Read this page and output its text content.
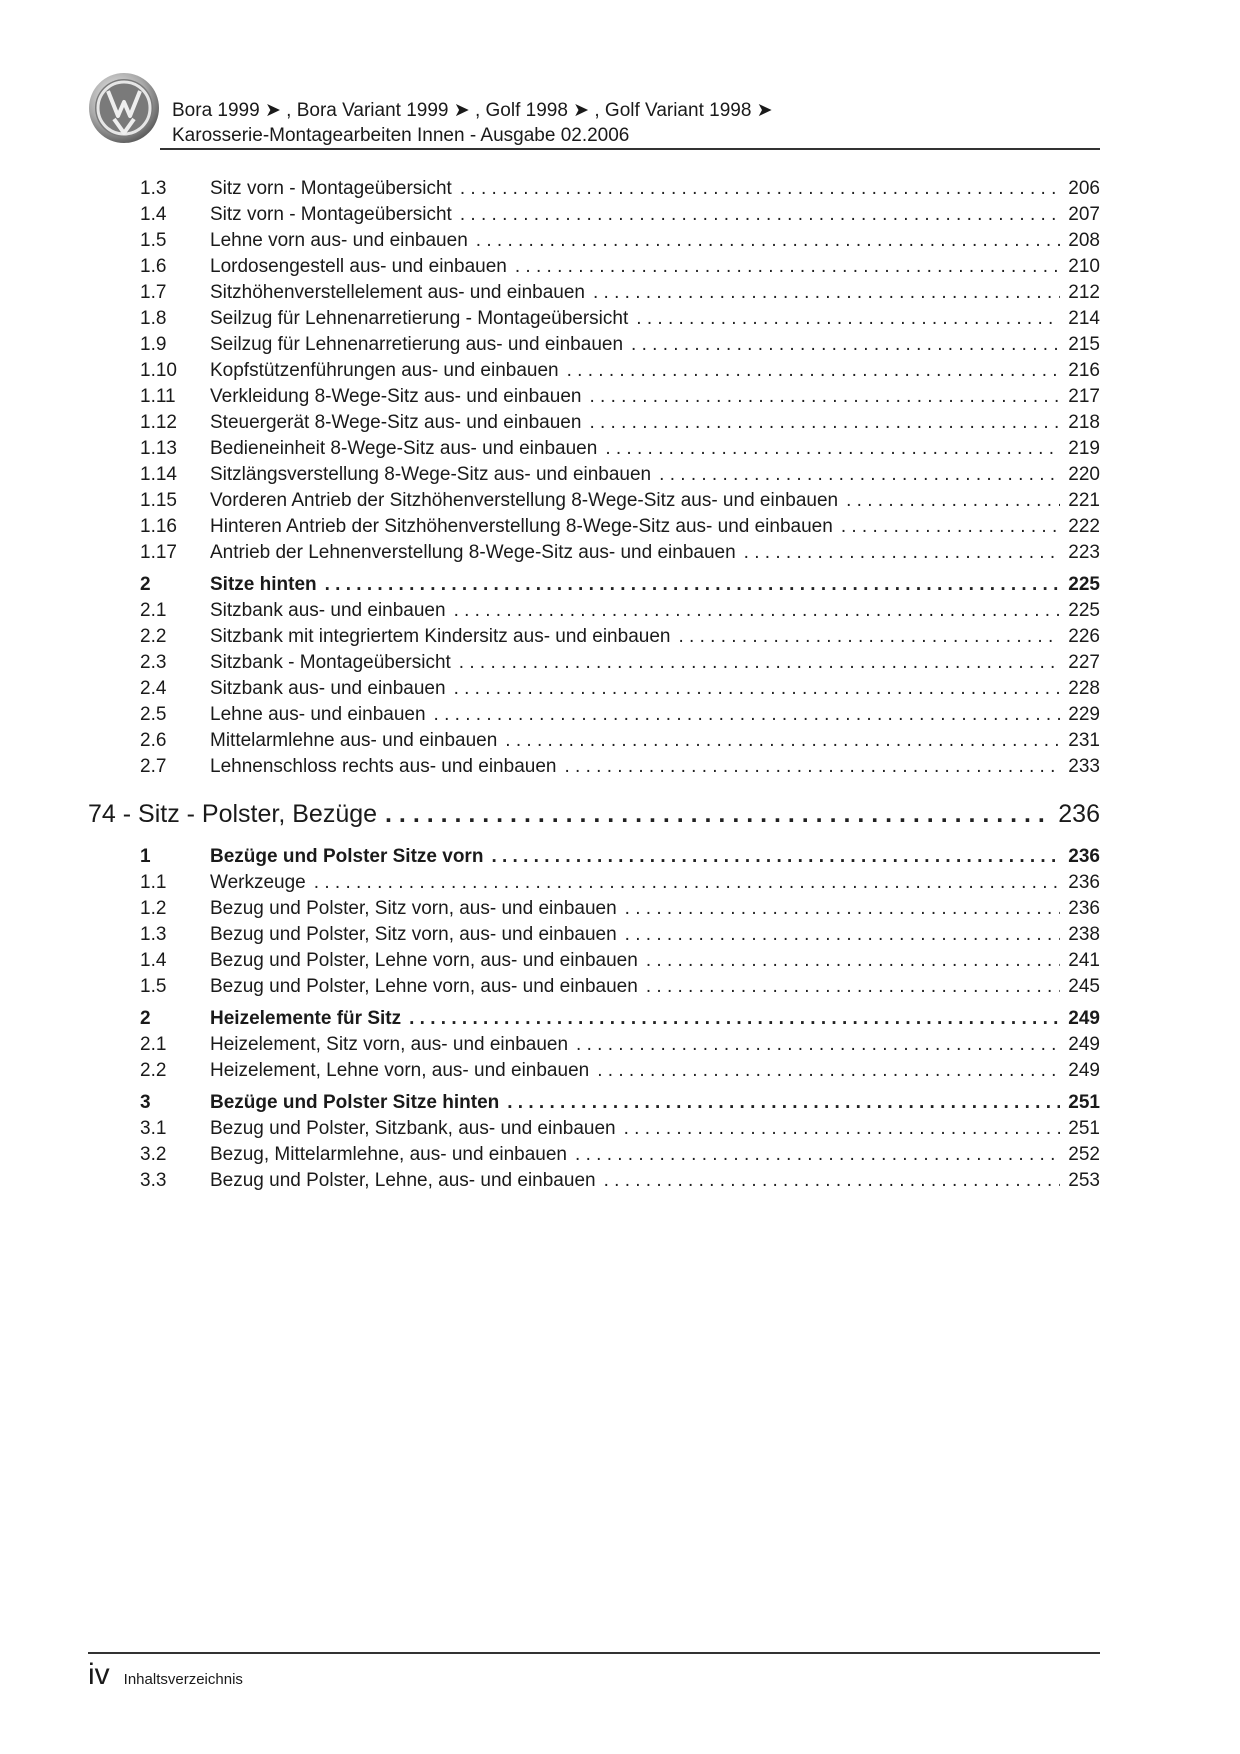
Bora 1999 ➤ , Bora Variant 1999 ➤ , Golf 1998 ➤ , Golf Variant 1998 ➤
Karosserie-Montagearbeiten Innen - Ausgabe 02.2006
1.3	Sitz vorn - Montageübersicht . . .	206
1.4	Sitz vorn - Montageübersicht . . .	207
1.5	Lehne vorn aus- und einbauen . . .	208
1.6	Lordosengestell aus- und einbauen . . .	210
1.7	Sitzhöhenverstellelement aus- und einbauen . . .	212
1.8	Seilzug für Lehnenarretierung - Montageübersicht . . .	214
1.9	Seilzug für Lehnenarretierung aus- und einbauen . . .	215
1.10	Kopfstützenführungen aus- und einbauen . . .	216
1.11	Verkleidung 8-Wege-Sitz aus- und einbauen . . .	217
1.12	Steuergerät 8-Wege-Sitz aus- und einbauen . . .	218
1.13	Bedieneinheit 8-Wege-Sitz aus- und einbauen . . .	219
1.14	Sitzlängsverstellung 8-Wege-Sitz aus- und einbauen . . .	220
1.15	Vorderen Antrieb der Sitzhöhenverstellung 8-Wege-Sitz aus- und einbauen . . .	221
1.16	Hinteren Antrieb der Sitzhöhenverstellung 8-Wege-Sitz aus- und einbauen . . .	222
1.17	Antrieb der Lehnenverstellung 8-Wege-Sitz aus- und einbauen . . .	223
2	Sitze hinten . . .	225
2.1	Sitzbank aus- und einbauen . . .	225
2.2	Sitzbank mit integriertem Kindersitz aus- und einbauen . . .	226
2.3	Sitzbank - Montageübersicht . . .	227
2.4	Sitzbank aus- und einbauen . . .	228
2.5	Lehne aus- und einbauen . . .	229
2.6	Mittelarmlehne aus- und einbauen . . .	231
2.7	Lehnenschloss rechts aus- und einbauen . . .	233
74 - Sitz - Polster, Bezüge . . .	236
1	Bezüge und Polster Sitze vorn . . .	236
1.1	Werkzeuge . . .	236
1.2	Bezug und Polster, Sitz vorn, aus- und einbauen . . .	236
1.3	Bezug und Polster, Sitz vorn, aus- und einbauen . . .	238
1.4	Bezug und Polster, Lehne vorn, aus- und einbauen . . .	241
1.5	Bezug und Polster, Lehne vorn, aus- und einbauen . . .	245
2	Heizelemente für Sitz . . .	249
2.1	Heizelement, Sitz vorn, aus- und einbauen . . .	249
2.2	Heizelement, Lehne vorn, aus- und einbauen . . .	249
3	Bezüge und Polster Sitze hinten . . .	251
3.1	Bezug und Polster, Sitzbank, aus- und einbauen . . .	251
3.2	Bezug, Mittelarmlehne, aus- und einbauen . . .	252
3.3	Bezug und Polster, Lehne, aus- und einbauen . . .	253
iv Inhaltsverzeichnis
